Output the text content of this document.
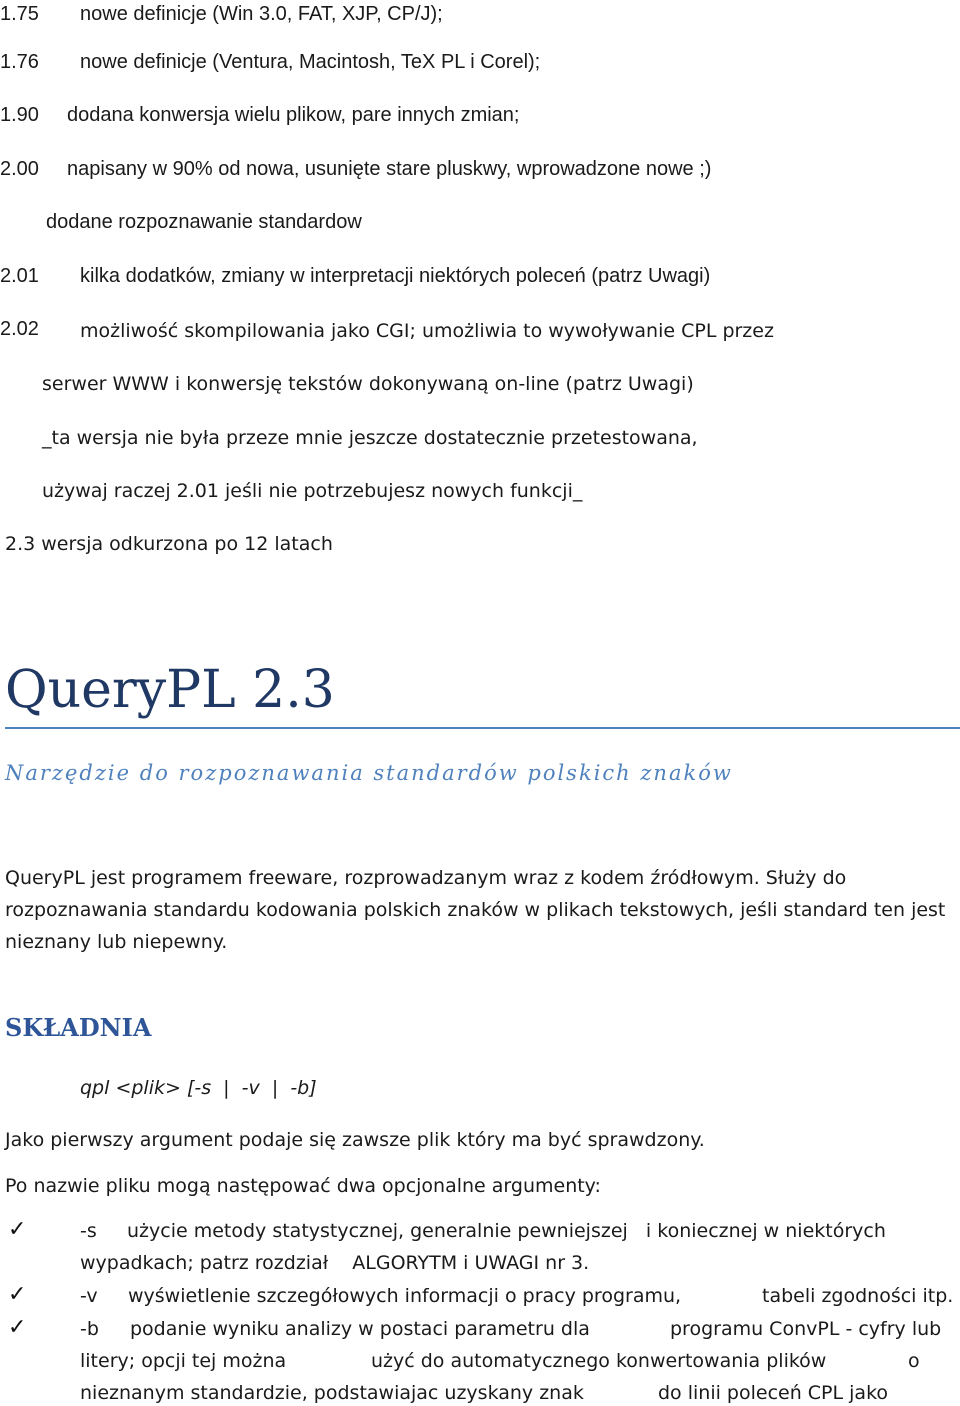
1.75 nowe definicje (Win 3.0, FAT, XJP, CP/J);
1.76 nowe definicje (Ventura, Macintosh, TeX PL i Corel);
1.90 dodana konwersja wielu plikow, pare innych zmian;
2.00 napisany w 90% od nowa, usunięte stare pluskwy, wprowadzone nowe ;)
dodane rozpoznawanie standardow
2.01 kilka dodatków, zmiany w interpretacji niektórych poleceń (patrz Uwagi)
2.02 możliwość skompilowania jako CGI; umożliwia to wywoływanie CPL przez
serwer WWW i konwersję tekstów dokonywaną on-line (patrz Uwagi)
_ta wersja nie była przeze mnie jeszcze dostatecznie przetestowana,
używaj raczej 2.01 jeśli nie potrzebujesz nowych funkcji_
2.3 wersja odkurzona po 12 latach
QueryPL 2.3
Narzędzie do rozpoznawania standardów polskich znaków
QueryPL jest programem freeware, rozprowadzanym wraz z kodem źródłowym. Służy do rozpoznawania standardu kodowania polskich znaków w plikach tekstowych, jeśli standard ten jest nieznany lub niepewny.
SKŁADNIA
qpl <plik> [-s  |  -v  |  -b]
Jako pierwszy argument podaje się zawsze plik który ma być sprawdzony.
Po nazwie pliku mogą następować dwa opcjonalne argumenty:
✓	-s użycie metody statystycznej, generalnie pewniejszej   i koniecznej w niektórych
wypadkach; patrz rozdział    ALGORYTM i UWAGI nr 3.
✓	-v wyświetlenie szczegółowych informacji o pracy programu,	tabeli zgodności itp.
✓	-b podanie wyniku analizy w postaci parametru dla	programu ConvPL - cyfry lub
litery; opcji tej można	użyć do automatycznego konwertowania plików	o
nieznanym standardzie, podstawiajac uzyskany znak	do linii poleceń CPL jako
